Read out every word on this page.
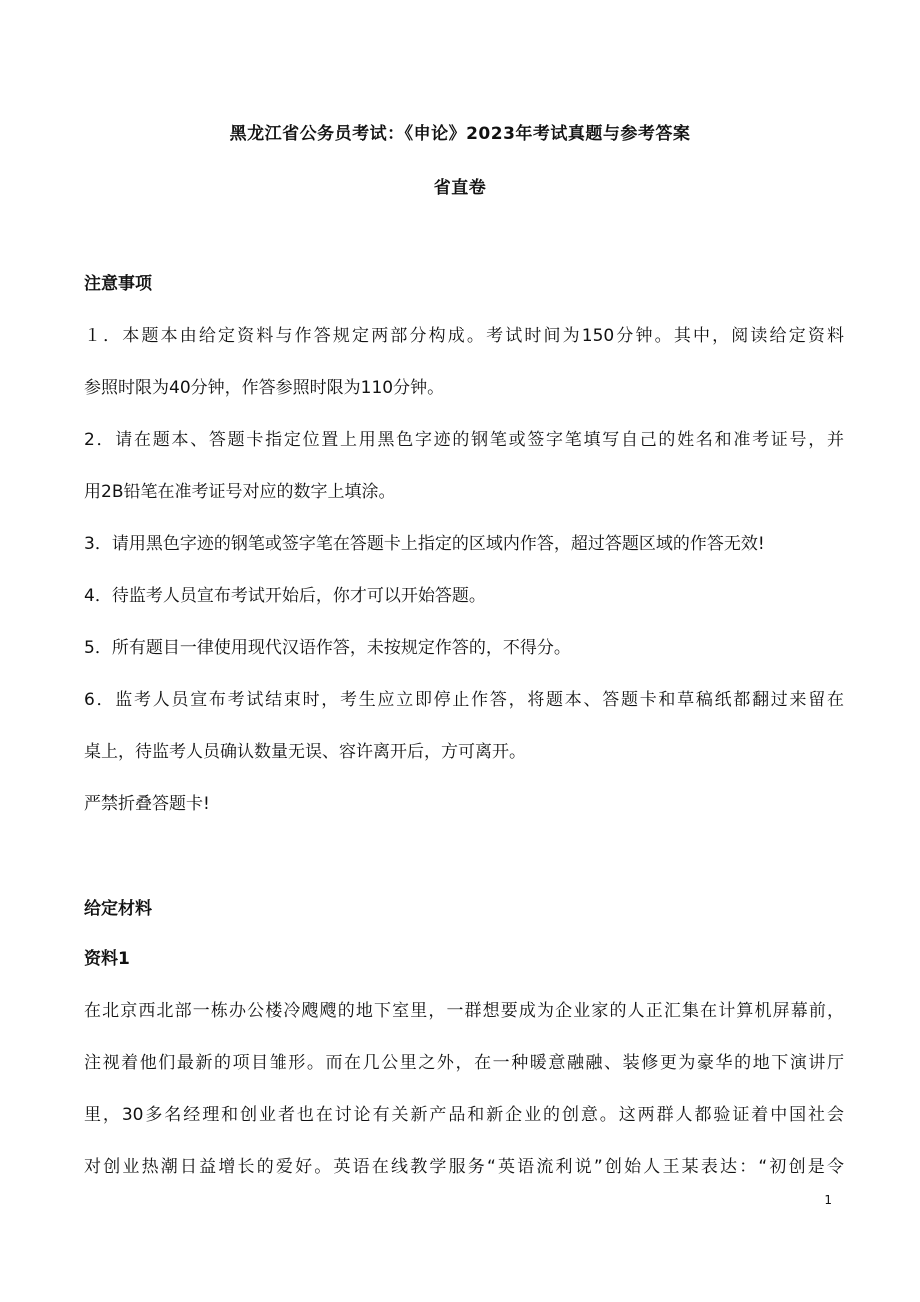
黑龙江省公务员考试：《申论》2023年考试真题与参考答案
省直卷
注意事项
１．本题本由给定资料与作答规定两部分构成。考试时间为150分钟。其中，阅读给定资料
参照时限为40分钟，作答参照时限为110分钟。
2．请在题本、答题卡指定位置上用黑色字迹的钢笔或签字笔填写自己的姓名和准考证号，并
用2B铅笔在准考证号对应的数字上填涂。
3．请用黑色字迹的钢笔或签字笔在答题卡上指定的区域内作答，超过答题区域的作答无效!
4．待监考人员宣布考试开始后，你才可以开始答题。
5．所有题目一律使用现代汉语作答，未按规定作答的，不得分。
6．监考人员宣布考试结束时，考生应立即停止作答，将题本、答题卡和草稿纸都翻过来留在
桌上，待监考人员确认数量无误、容许离开后，方可离开。
严禁折叠答题卡!
给定材料
资料1
在北京西北部一栋办公楼冷飕飕的地下室里，一群想要成为企业家的人正汇集在计算机屏幕前，
注视着他们最新的项目雏形。而在几公里之外，在一种暖意融融、装修更为豪华的地下演讲厅
里，30多名经理和创业者也在讨论有关新产品和新企业的创意。这两群人都验证着中国社会
对创业热潮日益增长的爱好。英语在线教学服务“英语流利说”创始人王某表达：“初创是令
1
